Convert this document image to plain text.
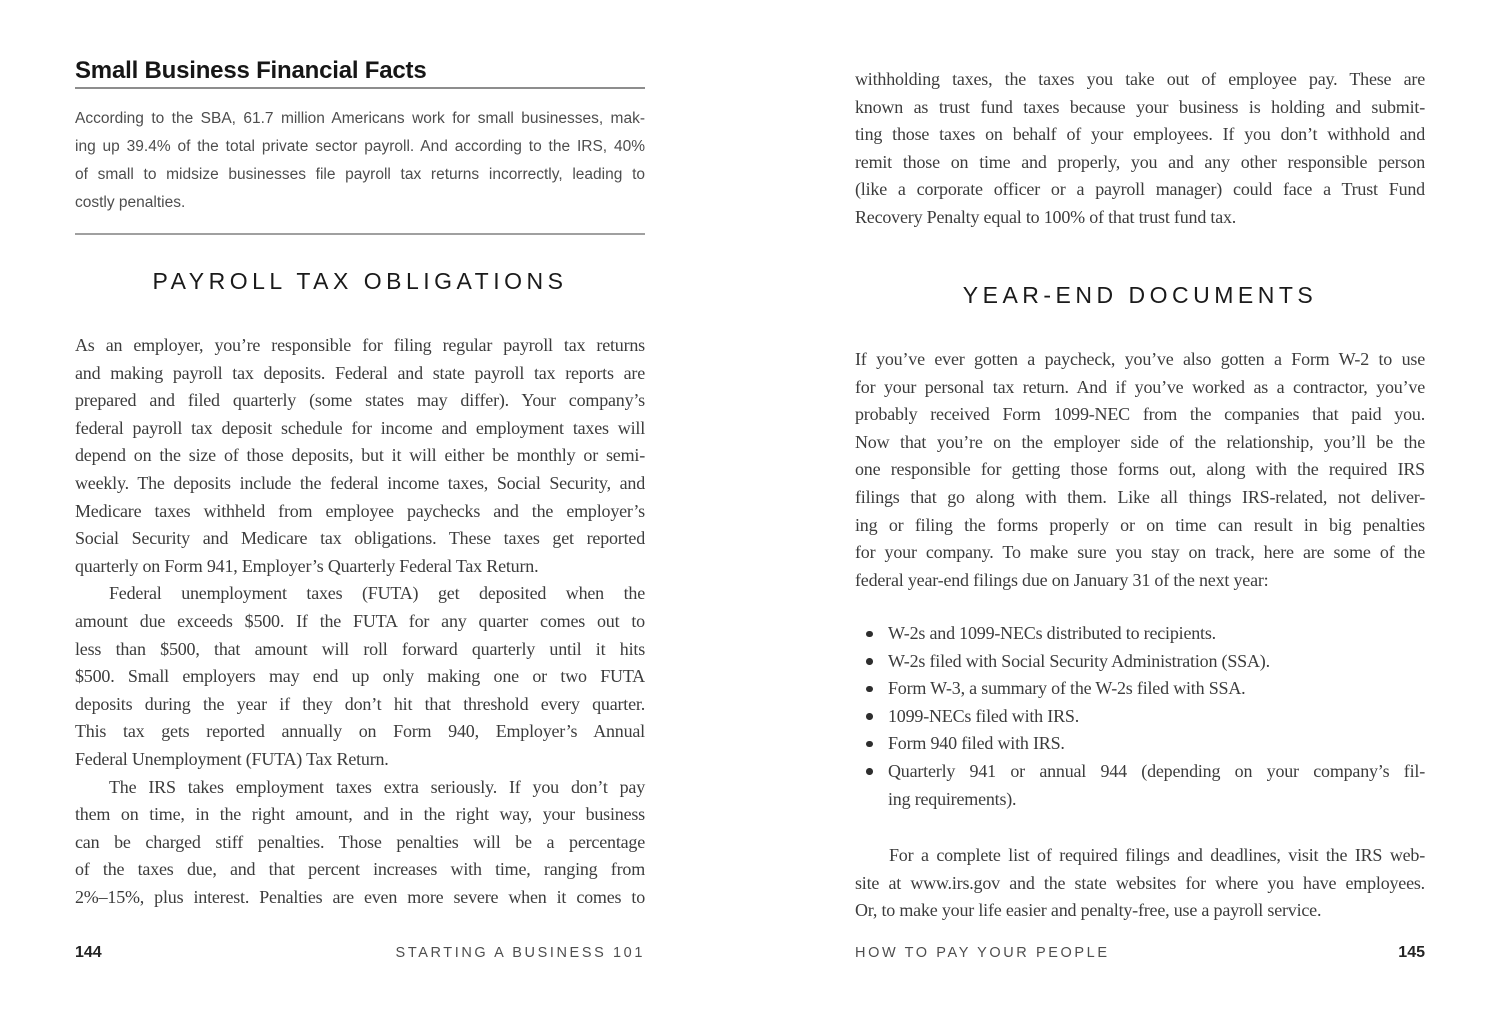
Small Business Financial Facts
According to the SBA, 61.7 million Americans work for small businesses, mak-
ing up 39.4% of the total private sector payroll. And according to the IRS, 40%
of small to midsize businesses file payroll tax returns incorrectly, leading to
costly penalties.
PAYROLL TAX OBLIGATIONS
As an employer, you’re responsible for filing regular payroll tax returns
and making payroll tax deposits. Federal and state payroll tax reports are
prepared and filed quarterly (some states may differ). Your company’s
federal payroll tax deposit schedule for income and employment taxes will
depend on the size of those deposits, but it will either be monthly or semi-
weekly. The deposits include the federal income taxes, Social Security, and
Medicare taxes withheld from employee paychecks and the employer’s
Social Security and Medicare tax obligations. These taxes get reported
quarterly on Form 941, Employer’s Quarterly Federal Tax Return.
Federal unemployment taxes (FUTA) get deposited when the
amount due exceeds $500. If the FUTA for any quarter comes out to
less than $500, that amount will roll forward quarterly until it hits
$500. Small employers may end up only making one or two FUTA
deposits during the year if they don’t hit that threshold every quarter.
This tax gets reported annually on Form 940, Employer’s Annual
Federal Unemployment (FUTA) Tax Return.
The IRS takes employment taxes extra seriously. If you don’t pay
them on time, in the right amount, and in the right way, your business
can be charged stiff penalties. Those penalties will be a percentage
of the taxes due, and that percent increases with time, ranging from
2%–15%, plus interest. Penalties are even more severe when it comes to
144	STARTING A BUSINESS 101
withholding taxes, the taxes you take out of employee pay. These are
known as trust fund taxes because your business is holding and submit-
ting those taxes on behalf of your employees. If you don’t withhold and
remit those on time and properly, you and any other responsible person
(like a corporate officer or a payroll manager) could face a Trust Fund
Recovery Penalty equal to 100% of that trust fund tax.
YEAR-END DOCUMENTS
If you’ve ever gotten a paycheck, you’ve also gotten a Form W-2 to use
for your personal tax return. And if you’ve worked as a contractor, you’ve
probably received Form 1099-NEC from the companies that paid you.
Now that you’re on the employer side of the relationship, you’ll be the
one responsible for getting those forms out, along with the required IRS
filings that go along with them. Like all things IRS-related, not deliver-
ing or filing the forms properly or on time can result in big penalties
for your company. To make sure you stay on track, here are some of the
federal year-end filings due on January 31 of the next year:
W-2s and 1099-NECs distributed to recipients.
W-2s filed with Social Security Administration (SSA).
Form W-3, a summary of the W-2s filed with SSA.
1099-NECs filed with IRS.
Form 940 filed with IRS.
Quarterly 941 or annual 944 (depending on your company’s fil-
ing requirements).
For a complete list of required filings and deadlines, visit the IRS web-
site at www.irs.gov and the state websites for where you have employees.
Or, to make your life easier and penalty-free, use a payroll service.
HOW TO PAY YOUR PEOPLE	145
